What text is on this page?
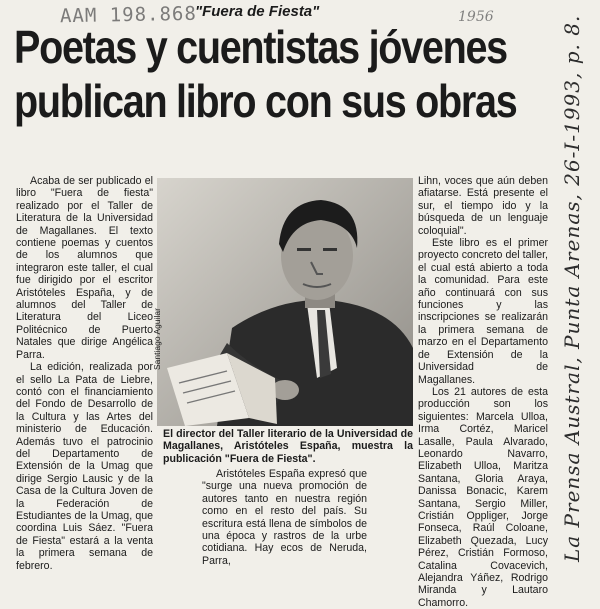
ААМ 198.868	1956	La Prensa Austral, Punta Arenas, 26-I-1993, p. 8.
"Fuera de Fiesta"
Poetas y cuentistas jóvenes
publican libro con sus obras

Acaba de ser publicado el libro "Fuera de fiesta" realizado por el Taller de Literatura de la Universidad de Magallanes. El texto contiene poemas y cuentos de los alumnos que integraron este taller, el cual fue dirigido por el escritor Aristóteles España, y de alumnos del Taller de Literatura del Liceo Politécnico de Puerto Natales que dirige Angélica Parra.

La edición, realizada por el sello La Pata de Liebre, contó con el financiamiento del Fondo de Desarrollo de la Cultura y las Artes del ministerio de Educación. Además tuvo el patrocinio del Departamento de Extensión de la Umag que dirige Sergio Lausic y de la Casa de la Cultura Joven de la Federación de Estudiantes de la Umag, que coordina Luis Sáez. "Fuera de Fiesta" estará a la venta la primera semana de febrero.

Santiago Aguilar
El director del Taller literario de la Universidad de Magallanes, Aristóteles España, muestra la publicación "Fuera de Fiesta".

Aristóteles España expresó que "surge una nueva promoción de autores tanto en nuestra región como en el resto del país. Su escritura está llena de símbolos de una época y rastros de la urbe cotidiana. Hay ecos de Neruda, Parra,

Lihn, voces que aún deben afiatarse. Está presente el sur, el tiempo ido y la búsqueda de un lenguaje coloquial".

Este libro es el primer proyecto concreto del taller, el cual está abierto a toda la comunidad. Para este año continuará con sus funciones y las inscripciones se realizarán la primera semana de marzo en el Departamento de Extensión de la Universidad de Magallanes.

Los 21 autores de esta producción son los siguientes: Marcela Ulloa, Irma Cortéz, Maricel Lasalle, Paula Alvarado, Leonardo Navarro, Elizabeth Ulloa, Maritza Santana, Gloria Araya, Danissa Bonacic, Karem Santana, Sergio Miller, Cristián Oppliger, Jorge Fonseca, Raúl Coloane, Elizabeth Quezada, Lucy Pérez, Cristián Formoso, Catalina Covacevich, Alejandra Yáñez, Rodrigo Miranda y Lautaro Chamorro.
